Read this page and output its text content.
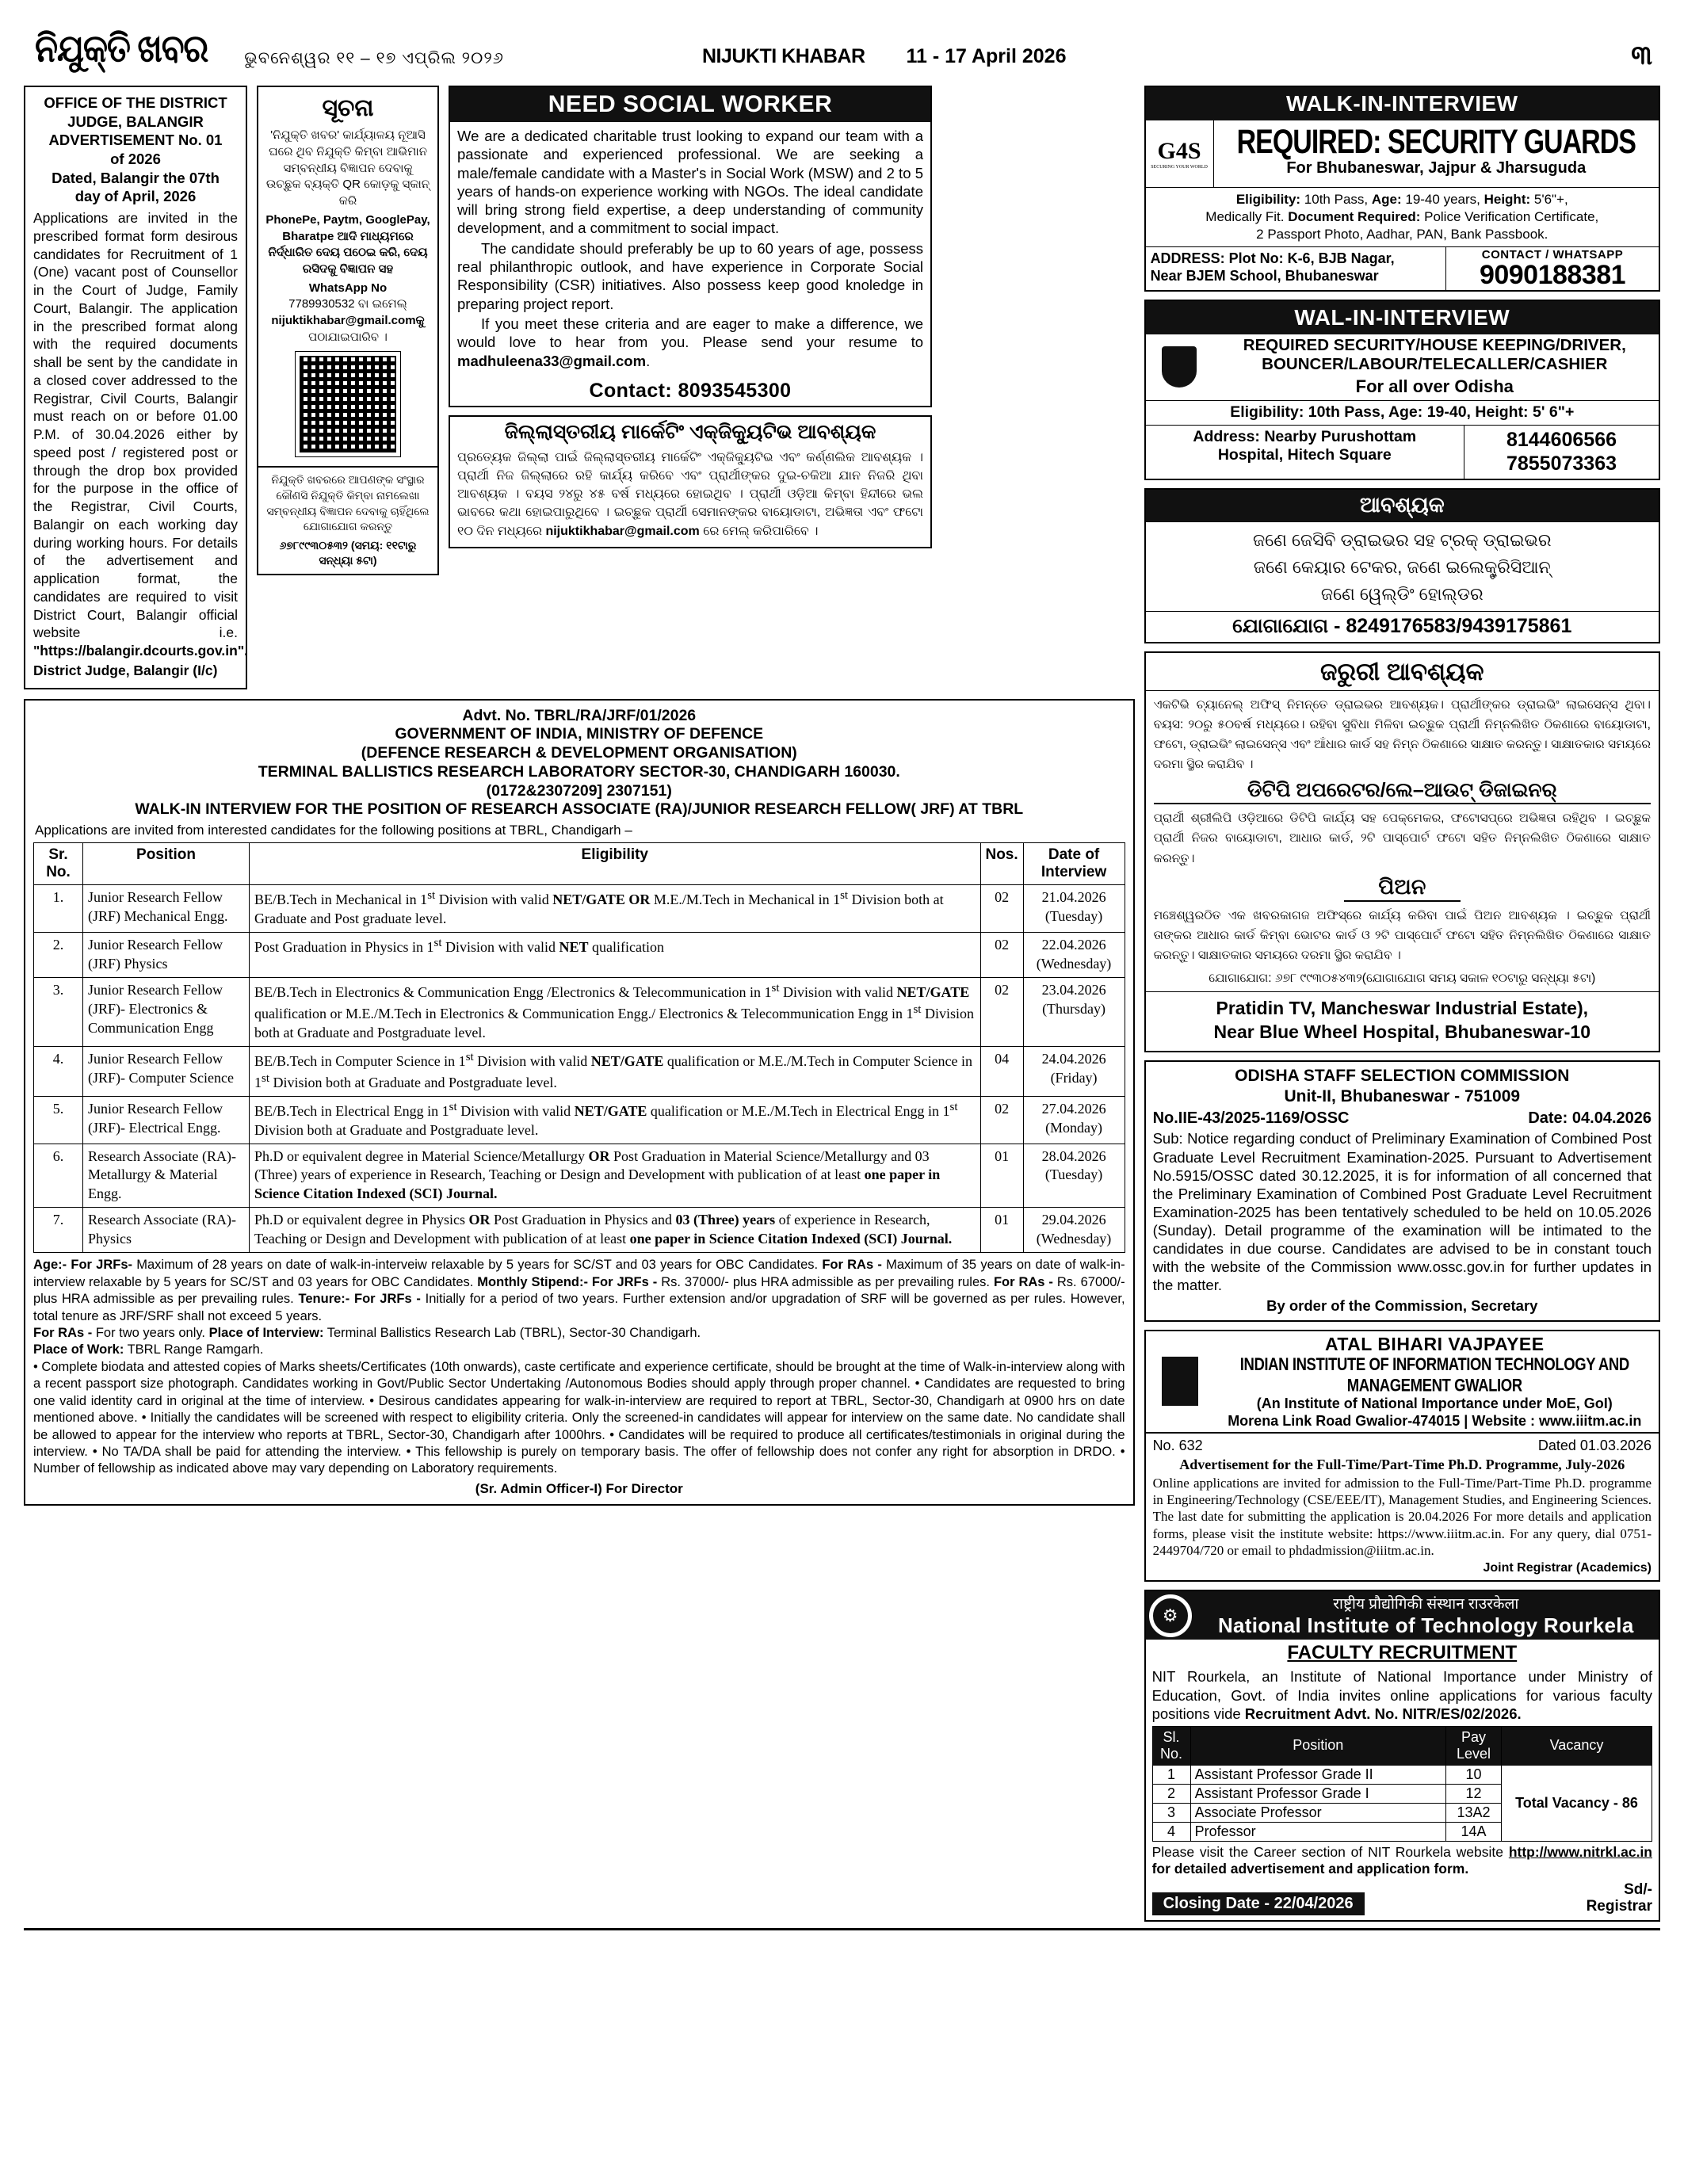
ନିଯୁକ୍ତି ଖବର ଭୁବନେଶ୍ୱର ୧୧ – ୧୭ ଏପ୍ରିଲ ୨୦୨୬	NIJUKTI KHABAR 11 - 17 April 2026	୩
OFFICE OF THE DISTRICT
JUDGE, BALANGIR
ADVERTISEMENT No. 01
of 2026
Dated, Balangir the 07th
day of April, 2026

Applications are invited in the prescribed format form desirous candidates for Recruitment of 1 (One) vacant post of Counsellor in the Court of Judge, Family Court, Balangir. The application in the prescribed format along with the required documents shall be sent by the candidate in a closed cover addressed to the Registrar, Civil Courts, Balangir must reach on or before 01.00 P.M. of 30.04.2026 either by speed post / registered post or through the drop box provided for the purpose in the office of the Registrar, Civil Courts, Balangir on each working day during working hours. For details of the advertisement and application format, the candidates are required to visit District Court, Balangir official website i.e. "https://balangir.dcourts.gov.in".

District Judge, Balangir (I/c)
ସୂଚନା
'ନିଯୁକ୍ତି ଖବର' କାର୍ଯ୍ୟାଳୟ ନୂଆସି ଘରେ ଥିବ ନିଯୁକ୍ତି କିମ୍ବା ଆଭିମାନ ସମ୍ବନ୍ଧୀୟ ବିଜ୍ଞାପନ ଦେବାକୁ ଉଚ୍ଛୁକ ବ୍ୟକ୍ତି QR କୋଡ଼କୁ ସ୍କାନ୍ କରି
PhonePe, Paytm, GooglePay, Bharatpe ଆଦି ମାଧ୍ୟମରେ ନିର୍ଦ୍ଧାରିତ ଦେୟ ପଠେଇ କରି, ଦେୟ ରସିଦକୁ ବିଜ୍ଞାପନ ସହ
WhatsApp No
7789930532 ବା ଇମେଲ୍
nijuktikhabar@gmail.comକୁ
ପଠାଯାଇପାରିବ ।
ନିଯୁକ୍ତି ଖବରରେ ଆପଣଙ୍କ ସଂସ୍ଥାର କୌଣସି ନିଯୁକ୍ତି କିମ୍ବା ନାମଲେଖା ସମ୍ବନ୍ଧୀୟ ବିଜ୍ଞାପନ ଦେବାକୁ ଚାହିଁଥିଲେ ଯୋଗାଯୋଗ କରନ୍ତୁ
୬୭୮୯୯୩୦୫୩୨ (ସମୟ: ୧୧ଟାରୁ ସନ୍ଧ୍ୟା ୫ଟା)
NEED SOCIAL WORKER

We are a dedicated charitable trust looking to expand our team with a passionate and experienced professional. We are seeking a male/female candidate with a Master's in Social Work (MSW) and 2 to 5 years of hands-on experience working with NGOs. The ideal candidate will bring strong field expertise, a deep understanding of community development, and a commitment to social impact.

The candidate should preferably be up to 60 years of age, possess real philanthropic outlook, and have experience in Corporate Social Responsibility (CSR) initiatives. Also possess keep good knoledge in preparing project report.

If you meet these criteria and are eager to make a difference, we would love to hear from you. Please send your resume to madhuleena33@gmail.com.

Contact: 8093545300
ଜିଲ୍ଲାସ୍ତରୀୟ ମାର୍କେଟିଂ ଏକ୍‌ଜିକ୍ୟୁଟିଭ ଆବଶ୍ୟକ
ପ୍ରତ୍ୟେକ ଜିଲ୍ଲା ପାଇଁ ଜିଲ୍ଲାସ୍ତରୀୟ ମାର୍କେଟିଂ ଏକ୍‌ଜିକ୍ୟୁଟିଭ ଏବଂ କର୍ଣ୍ଣଲିକ ଆବଶ୍ୟକ । ପ୍ରାର୍ଥୀ ନିଜ ଜିଲ୍ଲାରେ ରହି କାର୍ଯ୍ୟ କରିବେ ଏବଂ ପ୍ରାର୍ଥୀଙ୍କର ଦୁଇ-ଚକିଆ ଯାନ ନିଜରି ଥିବା ଆବଶ୍ୟକ । ବୟସ ୨୪ରୁ ୪୫ ବର୍ଷ ମଧ୍ୟରେ ହୋଇଥିବ । ପ୍ରାର୍ଥୀ ଓଡ଼ିଆ କିମ୍ବା ହିନ୍ଦୀରେ ଭଲ ଭାବରେ କଥା ହୋଇପାରୁଥିବେ । ଇଚ୍ଛୁକ ପ୍ରାର୍ଥୀ ସେମାନଙ୍କର ବାୟୋଡାଟା, ଅଭିଜ୍ଞତା ଏବଂ ଫଟୋ ୧୦ ଦିନ ମଧ୍ୟରେ nijuktikhabar@gmail.com ରେ ମେଲ୍ କରିପାରିବେ ।
Advt. No. TBRL/RA/JRF/01/2026
GOVERNMENT OF INDIA, MINISTRY OF DEFENCE
(DEFENCE RESEARCH & DEVELOPMENT ORGANISATION)
TERMINAL BALLISTICS RESEARCH LABORATORY SECTOR-30, CHANDIGARH 160030.
(0172&2307209] 2307151)
WALK-IN INTERVIEW FOR THE POSITION OF RESEARCH ASSOCIATE (RA)/JUNIOR RESEARCH FELLOW( JRF) AT TBRL
Applications are invited from interested candidates for the following positions at TBRL, Chandigarh –
Sr. No.	Position	Eligibility	Nos.	Date of Interview
1.	Junior Research Fellow (JRF) Mechanical Engg.	BE/B.Tech in Mechanical in 1st Division with valid NET/GATE OR M.E./M.Tech in Mechanical in 1st Division both at Graduate and Post graduate level.	02	21.04.2026
(Tuesday)
2.	Junior Research Fellow (JRF) Physics	Post Graduation in Physics in 1st Division with valid NET qualification	02	22.04.2026
(Wednesday)
3.	Junior Research Fellow (JRF)- Electronics & Communication Engg	BE/B.Tech in Electronics & Communication Engg /Electronics & Telecommunication in 1st Division with valid NET/GATE qualification or M.E./M.Tech in Electronics & Communication Engg./ Electronics & Telecommunication Engg in 1st Division both at Graduate and Postgraduate level.	02	23.04.2026
(Thursday)
4.	Junior Research Fellow (JRF)- Computer Science	BE/B.Tech in Computer Science in 1st Division with valid NET/GATE qualification or M.E./M.Tech in Computer Science in 1st Division both at Graduate and Postgraduate level.	04	24.04.2026
(Friday)
5.	Junior Research Fellow (JRF)- Electrical Engg.	BE/B.Tech in Electrical Engg in 1st Division with valid NET/GATE qualification or M.E./M.Tech in Electrical Engg in 1st Division both at Graduate and Postgraduate level.	02	27.04.2026
(Monday)
6.	Research Associate (RA)- Metallurgy & Material Engg.	Ph.D or equivalent degree in Material Science/Metallurgy OR Post Graduation in Material Science/Metallurgy and 03 (Three) years of experience in Research, Teaching or Design and Development with publication of at least one paper in Science Citation Indexed (SCI) Journal.	01	28.04.2026
(Tuesday)
7.	Research Associate (RA)- Physics	Ph.D or equivalent degree in Physics OR Post Graduation in Physics and 03 (Three) years of experience in Research, Teaching or Design and Development with publication of at least one paper in Science Citation Indexed (SCI) Journal.	01	29.04.2026
(Wednesday)

Age:- For JRFs- Maximum of 28 years on date of walk-in-interveiw relaxable by 5 years for SC/ST and 03 years for OBC Candidates. For RAs - Maximum of 35 years on date of walk-in-interview relaxable by 5 years for SC/ST and 03 years for OBC Candidates. Monthly Stipend:- For JRFs - Rs. 37000/- plus HRA admissible as per prevailing rules. For RAs - Rs. 67000/- plus HRA admissible as per prevailing rules. Tenure:- For JRFs - Initially for a period of two years. Further extension and/or upgradation of SRF will be governed as per rules. However, total tenure as JRF/SRF shall not exceed 5 years.

For RAs - For two years only. Place of Interview: Terminal Ballistics Research Lab (TBRL), Sector-30 Chandigarh.

Place of Work: TBRL Range Ramgarh.

• Complete biodata and attested copies of Marks sheets/Certificates (10th onwards), caste certificate and experience certificate, should be brought at the time of Walk-in-interview along with a recent passport size photograph. Candidates working in Govt/Public Sector Undertaking /Autonomous Bodies should apply through proper channel. • Candidates are requested to bring one valid identity card in original at the time of interview. • Desirous candidates appearing for walk-in-interview are required to report at TBRL, Sector-30, Chandigarh at 0900 hrs on date mentioned above. • Initially the candidates will be screened with respect to eligibility criteria. Only the screened-in candidates will appear for interview on the same date. No candidate shall be allowed to appear for the interview who reports at TBRL, Sector-30, Chandigarh after 1000hrs. • Candidates will be required to produce all certificates/testimonials in original during the interview. • No TA/DA shall be paid for attending the interview. • This fellowship is purely on temporary basis. The offer of fellowship does not confer any right for absorption in DRDO. • Number of fellowship as indicated above may vary depending on Laboratory requirements.

(Sr. Admin Officer-I) For Director
WALK-IN-INTERVIEW
G4S
SECURING YOUR WORLD
REQUIRED: SECURITY GUARDS
For Bhubaneswar, Jajpur & Jharsuguda
Eligibility: 10th Pass, Age: 19-40 years, Height: 5'6"+,
Medically Fit. Document Required: Police Verification Certificate,
2 Passport Photo, Aadhar, PAN, Bank Passbook.
ADDRESS: Plot No: K-6, BJB Nagar,
Near BJEM School, Bhubaneswar
CONTACT / WHATSAPP
9090188381
WAL-IN-INTERVIEW
REQUIRED SECURITY/HOUSE KEEPING/DRIVER,
BOUNCER/LABOUR/TELECALLER/CASHIER
For all over Odisha
Eligibility: 10th Pass, Age: 19-40, Height: 5' 6"+
Address: Nearby Purushottam
Hospital, Hitech Square
8144606566
7855073363
ଆବଶ୍ୟକ
ଜଣେ ଜେସିବି ଡ୍ରାଇଭର ସହ ଟ୍ରକ୍ ଡ୍ରାଇଭର
ଜଣେ କେୟାର ଟେକର, ଜଣେ ଇଲେକ୍ଟ୍ରିସିଆନ୍
ଜଣେ ୱେଲ୍ଡିଂ ହୋଲ୍ଡର
ଯୋଗାଯୋଗ - 8249176583/9439175861
ଜରୁରୀ ଆବଶ୍ୟକ
ଏକଟିଭି ଚ୍ୟାନେଲ୍ ଅଫିସ୍ ନିମନ୍ତେ ଡ୍ରାଇଭର ଆବଶ୍ୟକ। ପ୍ରାର୍ଥୀଙ୍କର ଡ୍ରାଇଭିଂ ଲାଇସେନ୍ସ ଥିବା। ବୟସ: ୨୦ରୁ ୫୦ବର୍ଷ ମଧ୍ୟରେ। ରହିବା ସୁବିଧା ମିଳିବା ଇଚ୍ଛୁକ ପ୍ରାର୍ଥୀ ନିମ୍ନଲିଖିତ ଠିକଣାରେ ବାୟୋଡାଟା, ଫଟୋ, ଡ୍ରାଇଭିଂ ଲାଇସେନ୍ସ ଏବଂ ଆଁଧାର କାର୍ଡ ସହ ନିମ୍ନ ଠିକଣାରେ ସାକ୍ଷାତ କରନ୍ତୁ। ସାକ୍ଷାତକାର ସମୟରେ ଦରମା ସ୍ଥିର କରାଯିବ ।
ଡିଟିପି ଅପରେଟର/ଲେ–ଆଉଟ୍ ଡିଜାଇନର୍
ପ୍ରାର୍ଥୀ ଶ୍ରୀଲିପି ଓଡ଼ିଆରେ ଡିଟିପି କାର୍ଯ୍ୟ ସହ ପେକ୍‌ମେକର, ଫଟୋସପ୍‌ରେ ଅଭିଜ୍ଞତା ରହିଥିବ । ଇଚ୍ଛୁକ ପ୍ରାର୍ଥୀ ନିଜର ବାୟୋଡାଟା, ଆଧାର କାର୍ଡ, ୨ଟି ପାସ୍‌ପୋର୍ଟ ଫଟୋ ସହିତ ନିମ୍ନଲିଖିତ ଠିକଣାରେ ସାକ୍ଷାତ କରନ୍ତୁ।
ପିଅନ
ମଞ୍ଚେଶ୍ୱରଠିତ ଏକ ଖବରକାଗଜ ଅଫିସ୍‌ରେ କାର୍ଯ୍ୟ କରିବା ପାଇଁ ପିଅନ ଆବଶ୍ୟକ । ଇଚ୍ଛୁକ ପ୍ରାର୍ଥୀ ତାଙ୍କର ଆଧାର କାର୍ଡ କିମ୍ବା ଭୋଟର କାର୍ଡ ଓ ୨ଟି ପାସ୍‌ପୋର୍ଟ ଫଟୋ ସହିତ ନିମ୍ନଲିଖିତ ଠିକଣାରେ ସାକ୍ଷାତ କରନ୍ତୁ। ସାକ୍ଷାତକାର ସମୟରେ ଦରମା ସ୍ଥିର କରାଯିବ ।
ଯୋଗାଯୋଗ: ୬୭୮ ୯୯୩୦୫୪୩୨(ଯୋଗାଯୋଗ ସମୟ ସକାଳ ୧୦ଟାରୁ ସନ୍ଧ୍ୟା ୫ଟା)
Pratidin TV, Mancheswar Industrial Estate),
Near Blue Wheel Hospital, Bhubaneswar-10
ODISHA STAFF SELECTION COMMISSION
Unit-II, Bhubaneswar - 751009
No.IIE-43/2025-1169/OSSC	Date: 04.04.2026
Sub: Notice regarding conduct of Preliminary Examination of Combined Post Graduate Level Recruitment Examination-2025. Pursuant to Advertisement No.5915/OSSC dated 30.12.2025, it is for information of all concerned that the Preliminary Examination of Combined Post Graduate Level Recruitment Examination-2025 has been tentatively scheduled to be held on 10.05.2026 (Sunday). Detail programme of the examination will be intimated to the candidates in due course. Candidates are advised to be in constant touch with the website of the Commission www.ossc.gov.in for further updates in the matter.
By order of the Commission, Secretary
ATAL BIHARI VAJPAYEE
INDIAN INSTITUTE OF INFORMATION TECHNOLOGY AND MANAGEMENT GWALIOR
(An Institute of National Importance under MoE, GoI)
Morena Link Road Gwalior-474015 | Website : www.iiitm.ac.in
No. 632	Dated 01.03.2026
Advertisement for the Full-Time/Part-Time Ph.D. Programme, July-2026
Online applications are invited for admission to the Full-Time/Part-Time Ph.D. programme in Engineering/Technology (CSE/EEE/IT), Management Studies, and Engineering Sciences. The last date for submitting the application is 20.04.2026 For more details and application forms, please visit the institute website: https://www.iiitm.ac.in. For any query, dial 0751-2449704/720 or email to phdadmission@iiitm.ac.in.
Joint Registrar (Academics)
⚙
राष्ट्रीय प्रौद्योगिकी संस्थान राउरकेला
National Institute of Technology Rourkela
FACULTY RECRUITMENT
NIT Rourkela, an Institute of National Importance under Ministry of Education, Govt. of India invites online applications for various faculty positions vide Recruitment Advt. No. NITR/ES/02/2026.
Sl. No.	Position	Pay Level	Vacancy
1	Assistant Professor Grade II	10	Total Vacancy - 86
2	Assistant Professor Grade I	12	
3	Associate Professor	13A2	
4	Professor	14A	
Please visit the Career section of NIT Rourkela website http://www.nitrkl.ac.in for detailed advertisement and application form.
Closing Date - 22/04/2026
Sd/-
Registrar
